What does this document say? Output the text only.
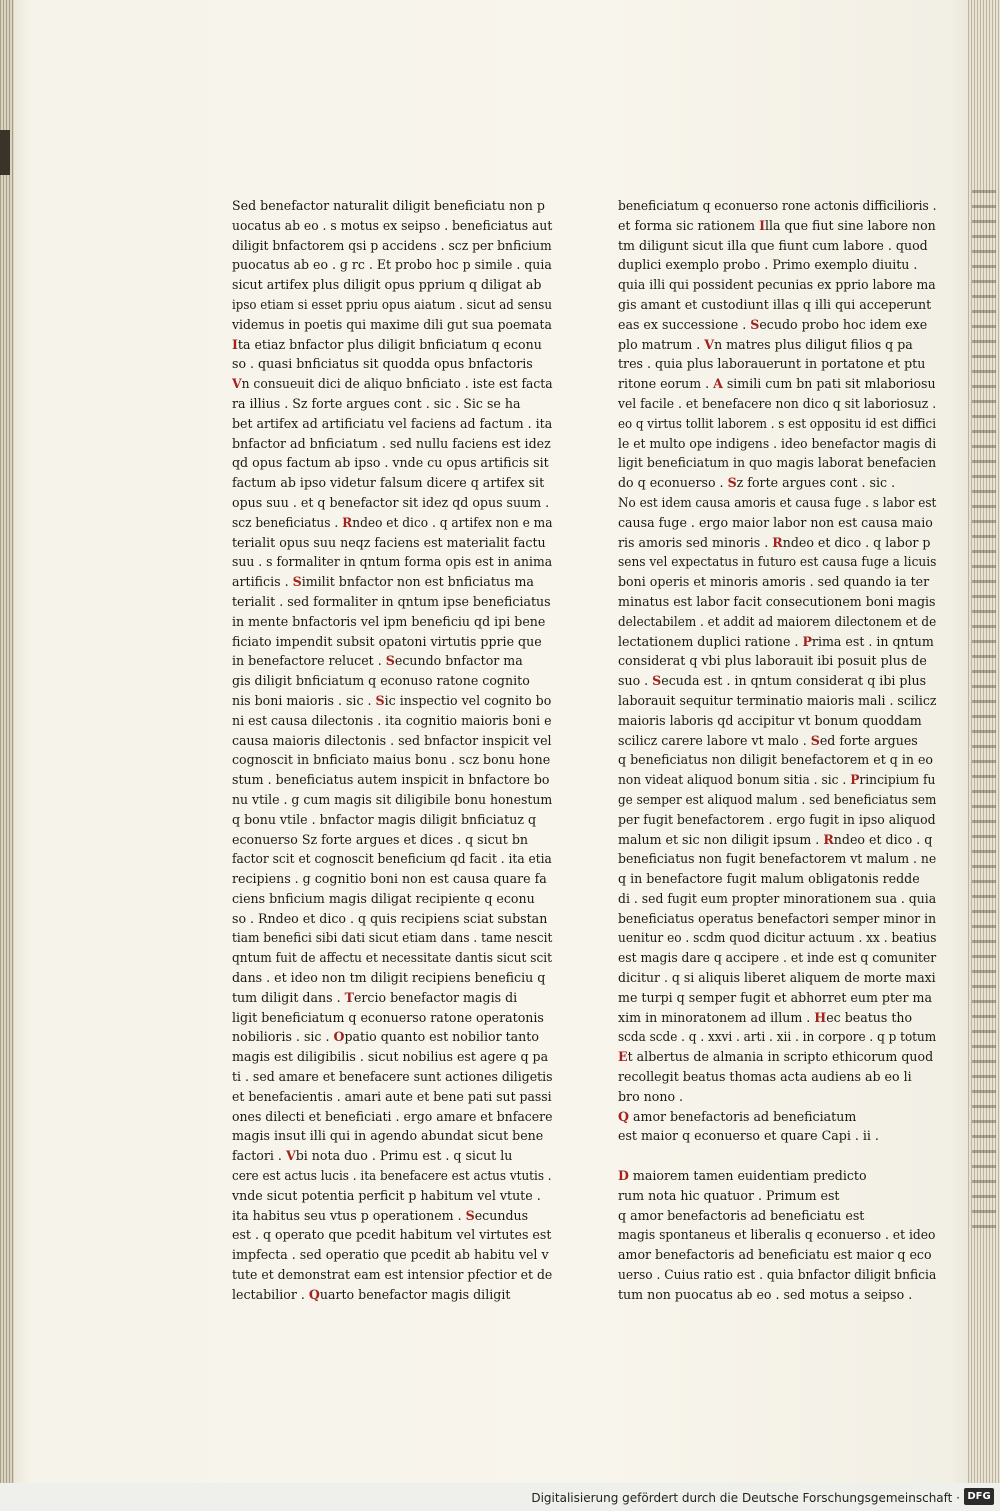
Sed benefactor naturalit diligit beneficiatu non p
uocatus ab eo . s motus ex seipso . beneficiatus aut
diligit bnfactorem qsi p accidens . scz per bnficium
puocatus ab eo . g rc . Et probo hoc p simile . quia
sicut artifex plus diligit opus pprium q diligat ab
ipso etiam si esset ppriu opus aiatum . sicut ad sensu
videmus in poetis qui maxime dili gut sua poemata
Ita etiaz bnfactor plus diligit bnficiatum q econu
so . quasi bnficiatus sit quodda opus bnfactoris
Vn consueuit dici de aliquo bnficiato . iste est facta
ra illius . Sz forte argues cont . sic . Sic se ha
bet artifex ad artificiatu vel faciens ad factum . ita
bnfactor ad bnficiatum . sed nullu faciens est idez
qd opus factum ab ipso . vnde cu opus artificis sit
factum ab ipso videtur falsum dicere q artifex sit
opus suu . et q benefactor sit idez qd opus suum .
scz beneficiatus . Rndeo et dico . q artifex non e ma
terialit opus suu neqz faciens est materialit factu
suu . s formaliter in qntum forma opis est in anima
artificis . Similit bnfactor non est bnficiatus ma
terialit . sed formaliter in qntum ipse beneficiatus
in mente bnfactoris vel ipm beneficiu qd ipi bene
ficiato impendit subsit opatoni virtutis pprie que
in benefactore relucet . Secundo bnfactor ma
gis diligit bnficiatum q econuso ratone cognito
nis boni maioris . sic . Sic inspectio vel cognito bo
ni est causa dilectonis . ita cognitio maioris boni e
causa maioris dilectonis . sed bnfactor inspicit vel
cognoscit in bnficiato maius bonu . scz bonu hone
stum . beneficiatus autem inspicit in bnfactore bo
nu vtile . g cum magis sit diligibile bonu honestum
q bonu vtile . bnfactor magis diligit bnficiatuz q
econuerso Sz forte argues et dices . q sicut bn
factor scit et cognoscit beneficium qd facit . ita etia
recipiens . g cognitio boni non est causa quare fa
ciens bnficium magis diligat recipiente q econu
so . Rndeo et dico . q quis recipiens sciat substan
tiam benefici sibi dati sicut etiam dans . tame nescit
qntum fuit de affectu et necessitate dantis sicut scit
dans . et ideo non tm diligit recipiens beneficiu q
tum diligit dans . Tercio benefactor magis di
ligit beneficiatum q econuerso ratone operatonis
nobilioris . sic . Opatio quanto est nobilior tanto
magis est diligibilis . sicut nobilius est agere q pa
ti . sed amare et benefacere sunt actiones diligetis
et benefacientis . amari aute et bene pati sut passi
ones dilecti et beneficiati . ergo amare et bnfacere
magis insut illi qui in agendo abundat sicut bene
factori . Vbi nota duo . Primu est . q sicut lu
cere est actus lucis . ita benefacere est actus vtutis .
vnde sicut potentia perficit p habitum vel vtute .
ita habitus seu vtus p operationem . Secundus
est . q operato que pcedit habitum vel virtutes est
impfecta . sed operatio que pcedit ab habitu vel v
tute et demonstrat eam est intensior pfectior et de
lectabilior . Quarto benefactor magis diligit
beneficiatum q econuerso rone actonis difficilioris .
et forma sic rationem Illa que fiut sine labore non
tm diligunt sicut illa que fiunt cum labore . quod
duplici exemplo probo . Primo exemplo diuitu .
quia illi qui possident pecunias ex pprio labore ma
gis amant et custodiunt illas q illi qui acceperunt
eas ex successione . Secudo probo hoc idem exe
plo matrum . Vn matres plus diligut filios q pa
tres . quia plus laborauerunt in portatone et ptu
ritone eorum . A simili cum bn pati sit mlaboriosu
vel facile . et benefacere non dico q sit laboriosuz .
eo q virtus tollit laborem . s est oppositu id est diffici
le et multo ope indigens . ideo benefactor magis di
ligit beneficiatum in quo magis laborat benefacien
do q econuerso . Sz forte argues cont . sic .
No est idem causa amoris et causa fuge . s labor est
causa fuge . ergo maior labor non est causa maio
ris amoris sed minoris . Rndeo et dico . q labor p
sens vel expectatus in futuro est causa fuge a licuis
boni operis et minoris amoris . sed quando ia ter
minatus est labor facit consecutionem boni magis
delectabilem . et addit ad maiorem dilectonem et de
lectationem duplici ratione . Prima est . in qntum
considerat q vbi plus laborauit ibi posuit plus de
suo . Secuda est . in qntum considerat q ibi plus
laborauit sequitur terminatio maioris mali . scilicz
maioris laboris qd accipitur vt bonum quoddam
scilicz carere labore vt malo . Sed forte argues
q beneficiatus non diligit benefactorem et q in eo
non videat aliquod bonum sitia . sic . Principium fu
ge semper est aliquod malum . sed beneficiatus sem
per fugit benefactorem . ergo fugit in ipso aliquod
malum et sic non diligit ipsum . Rndeo et dico . q
beneficiatus non fugit benefactorem vt malum . ne
q in benefactore fugit malum obligatonis redde
di . sed fugit eum propter minorationem sua . quia
beneficiatus operatus benefactori semper minor in
uenitur eo . scdm quod dicitur actuum . xx . beatius
est magis dare q accipere . et inde est q comuniter
dicitur . q si aliquis liberet aliquem de morte maxi
me turpi q semper fugit et abhorret eum pter ma
xim in minoratonem ad illum . Hec beatus tho
scda scde . q . xxvi . arti . xii . in corpore . q p totum
Et albertus de almania in scripto ethicorum quod
recollegit beatus thomas acta audiens ab eo li
bro nono .
Q amor benefactoris ad beneficiatum
est maior q econuerso et quare Capi . ii .
D maiorem tamen euidentiam predicto
rum nota hic quatuor . Primum est
q amor benefactoris ad beneficiatu est
magis spontaneus et liberalis q econuerso . et ideo
amor benefactoris ad beneficiatu est maior q eco
uerso . Cuius ratio est . quia bnfactor diligit bnficia
tum non puocatus ab eo . sed motus a seipso .
Digitalisierung gefördert durch die Deutsche Forschungsgemeinschaft · DFG
